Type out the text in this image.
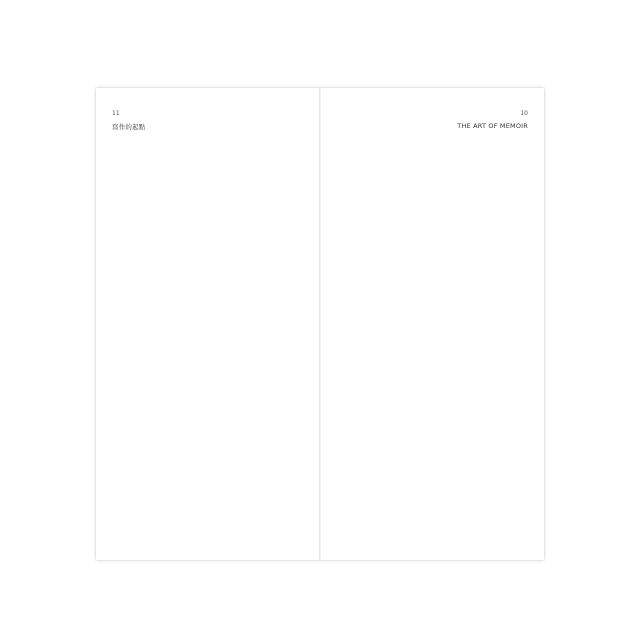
11
寫作的起點

10
THE ART OF MEMOIR
